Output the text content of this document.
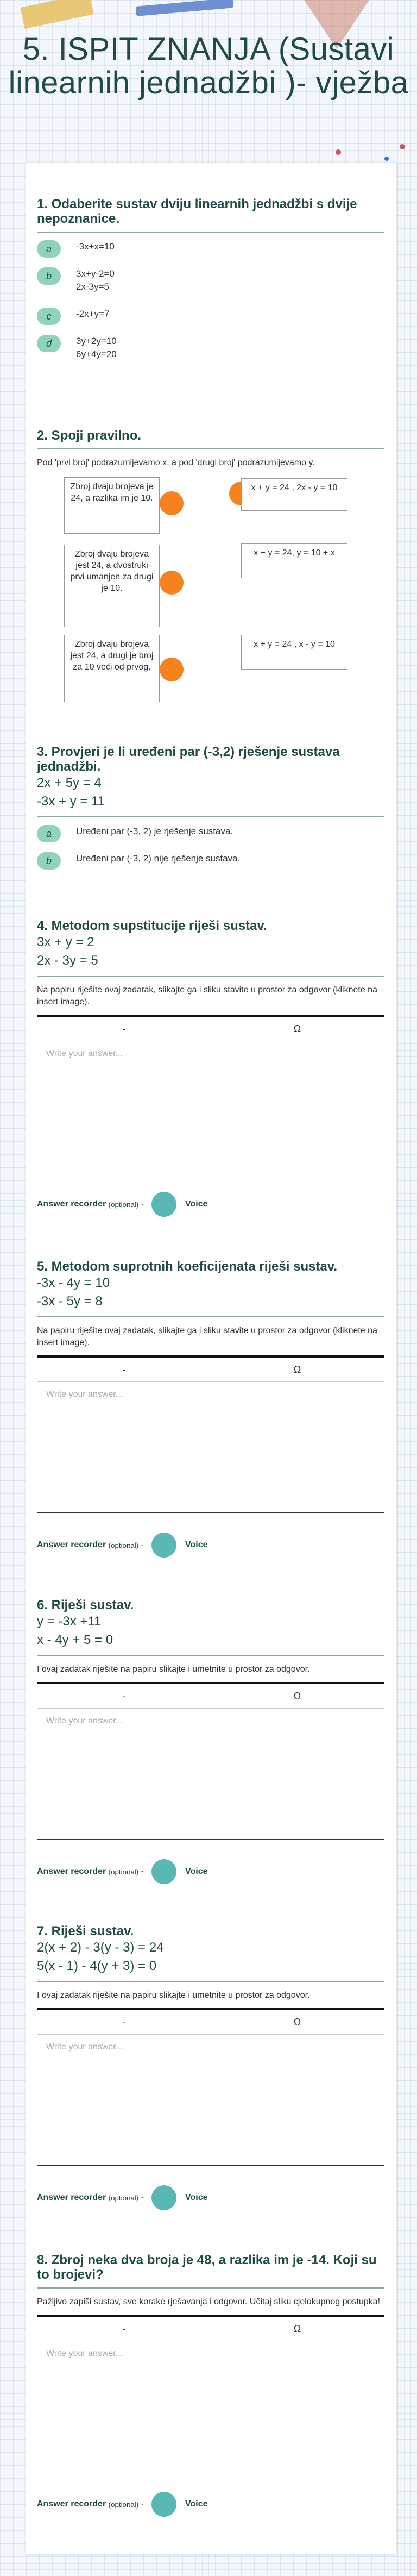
5. ISPIT ZNANJA (Sustavi linearnih jednadžbi )- vježba
1. Odaberite sustav dviju linearnih jednadžbi s dvije nepoznanice.
a	-3x+x=10
b	3x+y-2=0
2x-3y=5
c	-2x+y=7
d	3y+2y=10
6y+4y=20
2. Spoji pravilno.
Pod 'prvi broj' podrazumijevamo x, a pod 'drugi broj' podrazumijevamo y.
Zbroj dvaju brojeva je 24, a razlika im je 10.
Zbroj dvaju brojeva jest 24, a dvostruki prvi umanjen za drugi je 10.
Zbroj dvaju brojeva jest 24, a drugi je broj za 10 veći od prvog.
x + y = 24 , 2x - y = 10
x + y = 24, y = 10 + x
x + y = 24 , x - y = 10
3. Provjeri je li uređeni par (-3,2) rješenje sustava jednadžbi.
2x + 5y = 4
-3x + y = 11
a	Uređeni par (-3, 2) je rješenje sustava.
b	Uređeni par (-3, 2) nije rješenje sustava.
4. Metodom supstitucije riješi sustav.
3x + y = 2
2x - 3y = 5
Na papiru riješite ovaj zadatak, slikajte ga i sliku stavite u prostor za odgovor (kliknete na insert image).
-	Ω
Write your answer...
Answer recorder
(optional)
-	Voice
5. Metodom suprotnih koeficijenata riješi sustav.
-3x - 4y = 10
-3x - 5y = 8
Na papiru riješite ovaj zadatak, slikajte ga i sliku stavite u prostor za odgovor (kliknete na insert image).
-	Ω
Write your answer...
Answer recorder
(optional)
-	Voice
6. Riješi sustav.
y = -3x +11
x - 4y + 5 = 0
I ovaj zadatak riješite na papiru slikajte i umetnite u prostor za odgovor.
-	Ω
Write your answer...
Answer recorder
(optional)
-	Voice
7. Riješi sustav.
2(x + 2) - 3(y - 3) = 24
5(x - 1) - 4(y + 3) = 0
I ovaj zadatak riješite na papiru slikajte i umetnite u prostor za odgovor.
-	Ω
Write your answer...
Answer recorder
(optional)
-	Voice
8. Zbroj neka dva broja je 48, a razlika im je -14. Koji su to brojevi?
Pažljivo zapiši sustav, sve korake rješavanja i odgovor. Učitaj sliku cjelokupnog postupka!
-	Ω
Write your answer...
Answer recorder
(optional)
-	Voice
